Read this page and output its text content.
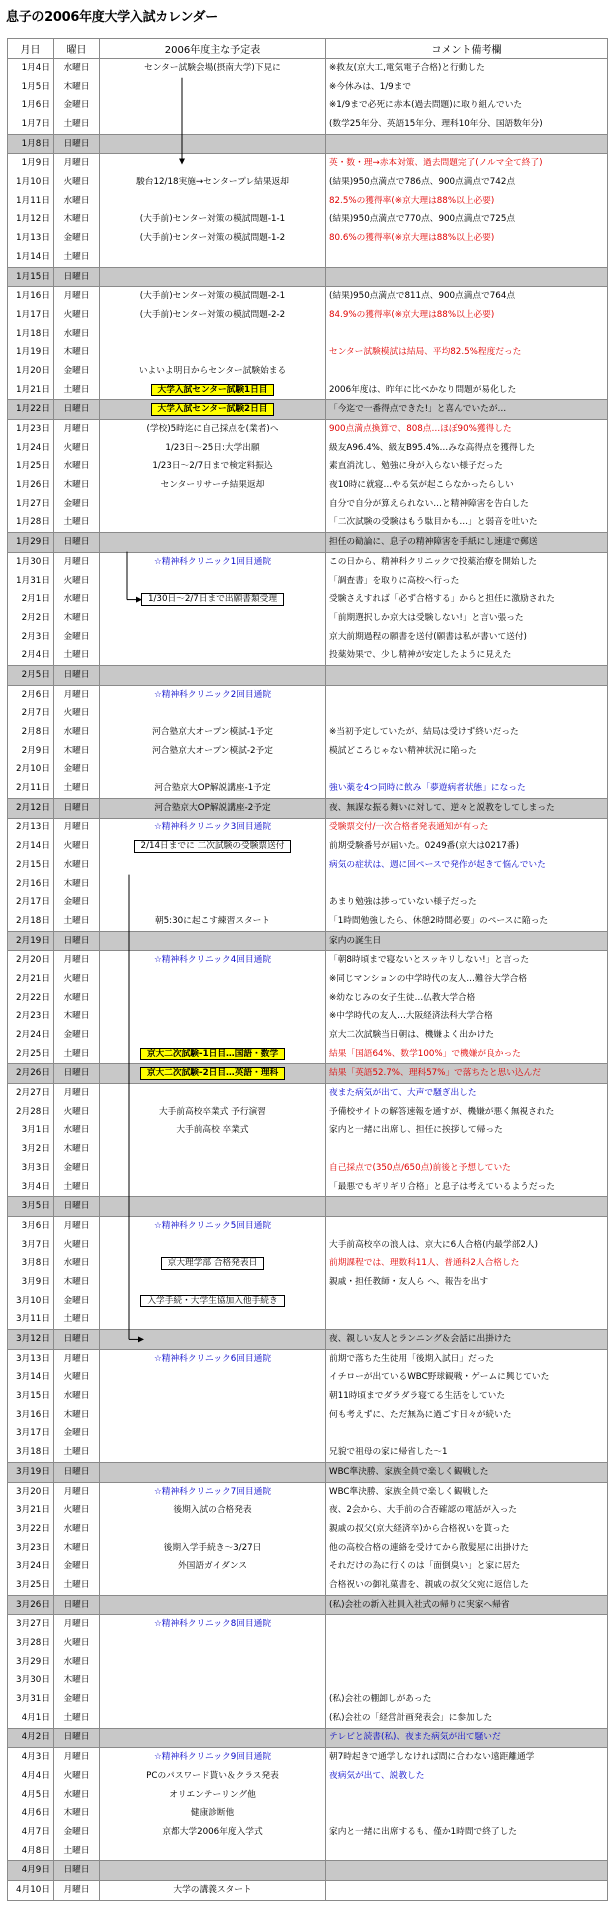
息子の2006年度大学入試カレンダー
月日	曜日	2006年度主な予定表	コメント備考欄
1月4日	水曜日	センター試験会場(摂南大学)下見に	※救友(京大工,電気電子合格)と行動した
1月5日	木曜日		※今休みは、1/9まで
1月6日	金曜日		※1/9まで必死に赤本(過去問題)に取り組んでいた
1月7日	土曜日		(数学25年分、英語15年分、理科10年分、国語数年分)
1月8日	日曜日		
1月9日	月曜日		英・数・理→赤本対策、過去問題完了(ノルマ全て終了)
1月10日	火曜日	駿台12/18実施→センタープレ結果返却	(結果)950点満点で786点、900点満点で742点
1月11日	水曜日		82.5%の獲得率(※京大理は88%以上必要)
1月12日	木曜日	(大手前)センター対策の模試問題-1-1	(結果)950点満点で770点、900点満点で725点
1月13日	金曜日	(大手前)センター対策の模試問題-1-2	80.6%の獲得率(※京大理は88%以上必要)
1月14日	土曜日		
1月15日	日曜日		
1月16日	月曜日	(大手前)センター対策の模試問題-2-1	(結果)950点満点で811点、900点満点で764点
1月17日	火曜日	(大手前)センター対策の模試問題-2-2	84.9%の獲得率(※京大理は88%以上必要)
1月18日	水曜日		
1月19日	木曜日		センター試験模試は結局、平均82.5%程度だった
1月20日	金曜日	いよいよ明日からセンター試験始まる	
1月21日	土曜日	大学入試センター試験1日目	2006年度は、昨年に比べかなり問題が易化した
1月22日	日曜日	大学入試センター試験2日目	「今迄で一番得点できた!」と喜んでいたが…
1月23日	月曜日	(学校)5時迄に自己採点を(業者)へ	900点満点換算で、808点…ほぼ90%獲得した
1月24日	火曜日	1/23日～25日:大学出願	級友A96.4%、級友B95.4%…みな高得点を獲得した
1月25日	水曜日	1/23日～2/7日まで検定料振込	素直消沈し、勉強に身が入らない様子だった
1月26日	木曜日	センターリサーチ結果返却	夜10時に就寝…やる気が起こらなかったらしい
1月27日	金曜日		自分で自分が算えられない…と精神障害を告白した
1月28日	土曜日		「二次試験の受験はもう駄目かも…」と弱音を吐いた
1月29日	日曜日		担任の勧論に、息子の精神障害を手紙にし速達で郵送
1月30日	月曜日	☆精神科クリニック1回目通院	この日から、精神科クリニックで投薬治療を開始した
1月31日	火曜日		「調査書」を取りに高校へ行った
2月1日	水曜日	1/30日～2/7日まで出願書類受理	受験さえすれば「必ず合格する」からと担任に激励された
2月2日	木曜日		「前期選択しか京大は受験しない!」と言い張った
2月3日	金曜日		京大前期過程の願書を送付(願書は私が書いて送付)
2月4日	土曜日		投薬効果で、少し精神が安定したように見えた
2月5日	日曜日		
2月6日	月曜日	☆精神科クリニック2回目通院	
2月7日	火曜日		
2月8日	水曜日	河合塾京大オープン模試-1予定	※当初予定していたが、結局は受けず終いだった
2月9日	木曜日	河合塾京大オープン模試-2予定	模試どころじゃない精神状況に陥った
2月10日	金曜日		
2月11日	土曜日	河合塾京大OP解説講座-1予定	強い薬を4つ同時に飲み「夢遊病者状態」になった
2月12日	日曜日	河合塾京大OP解説講座-2予定	夜、無謀な振る舞いに対して、逆々と説教をしてしまった
2月13日	月曜日	☆精神科クリニック3回目通院	受験票交付/一次合格者発表通知が有った
2月14日	火曜日	2/14日までに 二次試験の受験票送付	前期受験番号が届いた。0249番(京大は0217番)
2月15日	水曜日		病気の症状は、週に回ペースで発作が起きて悩んでいた
2月16日	木曜日		
2月17日	金曜日		あまり勉強は捗っていない様子だった
2月18日	土曜日	朝5:30に起こす練習スタート	「1時間勉強したら、休憩2時間必要」のペースに陥った
2月19日	日曜日		家内の誕生日
2月20日	月曜日	☆精神科クリニック4回目通院	「朝8時頃まで寝ないとスッキリしない!」と言った
2月21日	火曜日		※同じマンションの中学時代の友人…難谷大学合格
2月22日	水曜日		※幼なじみの女子生徒…仏教大学合格
2月23日	木曜日		※中学時代の友人…大阪経済法科大学合格
2月24日	金曜日		京大二次試験当日朝は、機嫌よく出かけた
2月25日	土曜日	京大二次試験-1日目…国語・数学	結果「国語64%、数学100%」で機嫌が良かった
2月26日	日曜日	京大二次試験-2日目…英語・理科	結果「英語52.7%、理科57%」で落ちたと思い込んだ
2月27日	月曜日		夜また病気が出て、大声で騒ぎ出した
2月28日	火曜日	大手前高校卒業式 予行演習	予備校サイトの解答速報を通すが、機嫌が悪く無視された
3月1日	水曜日	大手前高校 卒業式	家内と一緒に出席し、担任に挨拶して帰った
3月2日	木曜日		
3月3日	金曜日		自己採点で(350点/650点)前後と予想していた
3月4日	土曜日		「最悪でもギリギリ合格」と息子は考えているようだった
3月5日	日曜日		
3月6日	月曜日	☆精神科クリニック5回目通院	
3月7日	火曜日		大手前高校卒の浪人は、京大に6人合格(内最学部2人)
3月8日	水曜日	京大理学部 合格発表日	前期課程では、理数科11人、普通科2人合格した
3月9日	木曜日		親戚・担任教師・友人ら へ、報告を出す
3月10日	金曜日	入学手続・大学生協加入他手続き	
3月11日	土曜日		
3月12日	日曜日		夜、親しい友人とランニング＆会話に出掛けた
3月13日	月曜日	☆精神科クリニック6回目通院	前期で落ちた生徒用「後期入試日」だった
3月14日	火曜日		イチローが出ているWBC野球観戦・ゲームに興じていた
3月15日	水曜日		朝11時頃までダラダラ寝てる生活をしていた
3月16日	木曜日		何も考えずに、ただ無為に過ごす日々が続いた
3月17日	金曜日		
3月18日	土曜日		兄貌で祖母の家に帰省した～1
3月19日	日曜日		WBC準決勝、家族全員で楽しく観戦した
3月20日	月曜日	☆精神科クリニック7回目通院	WBC準決勝、家族全員で楽しく観戦した
3月21日	火曜日	後期入試の合格発表	夜、2会から、大手前の合否確認の電話が入った
3月22日	水曜日		親戚の叔父(京大経済卒)から合格祝いを貰った
3月23日	木曜日	後期入学手続き～3/27日	他の高校合格の連絡を受けてから散髪屋に出掛けた
3月24日	金曜日	外国語ガイダンス	それだけの為に行くのは「面倒臭い」と家に居た
3月25日	土曜日		合格祝いの御礼菓書を、親戚の叔父父宛に返信した
3月26日	日曜日		(私)会社の新入社員入社式の帰りに実家へ帰省
3月27日	月曜日	☆精神科クリニック8回目通院	
3月28日	火曜日		
3月29日	水曜日		
3月30日	木曜日		
3月31日	金曜日		(私)会社の棚卸しがあった
4月1日	土曜日		(私)会社の「経営計画発表会」に参加した
4月2日	日曜日		テレビと読書(私)、夜また病気が出て騒いだ
4月3日	月曜日	☆精神科クリニック9回目通院	朝7時起きで通学しなければ間に合わない遠距離通学
4月4日	火曜日	PCのパスワード貰い＆クラス発表	夜病気が出て、説教した
4月5日	水曜日	オリエンテーリング他	
4月6日	木曜日	健康診断他	
4月7日	金曜日	京都大学2006年度入学式	家内と一緒に出席するも、僅か1時間で終了した
4月8日	土曜日		
4月9日	日曜日		
4月10日	月曜日	大学の講義スタート	
